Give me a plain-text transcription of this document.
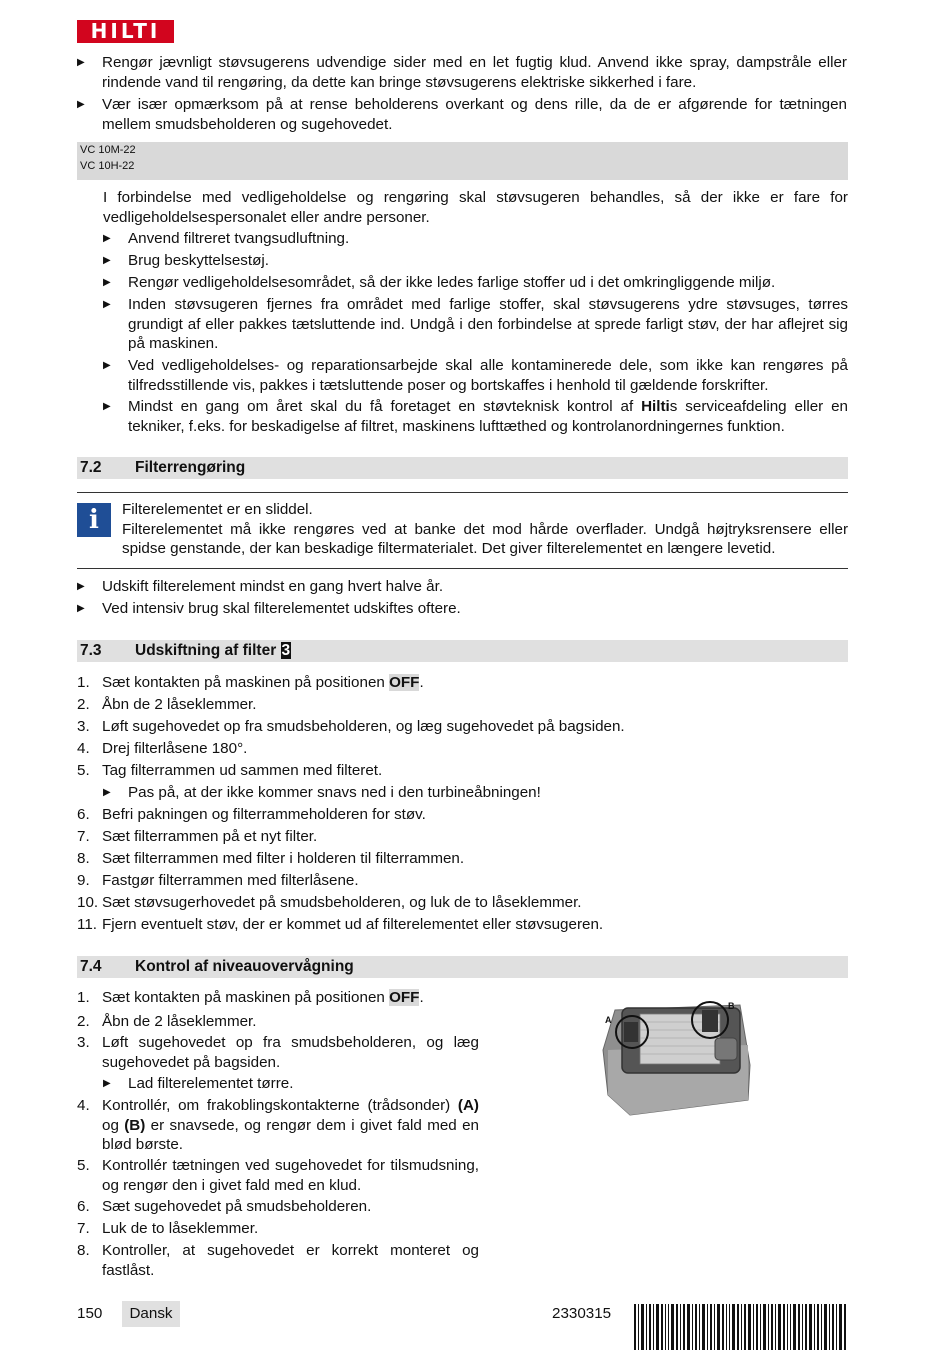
HILTI
▶ Rengør jævnligt støvsugerens udvendige sider med en let fugtig klud. Anvend ikke spray, dampstråle eller rindende vand til rengøring, da dette kan bringe støvsugerens elektriske sikkerhed i fare.
▶ Vær især opmærksom på at rense beholderens overkant og dens rille, da de er afgørende for tætningen mellem smudsbeholderen og sugehovedet.
VC 10M-22
VC 10H-22
I forbindelse med vedligeholdelse og rengøring skal støvsugeren behandles, så der ikke er fare for vedligeholdelsespersonalet eller andre personer.
▶ Anvend filtreret tvangsudluftning.
▶ Brug beskyttelsestøj.
▶ Rengør vedligeholdelsesområdet, så der ikke ledes farlige stoffer ud i det omkringliggende miljø.
▶ Inden støvsugeren fjernes fra området med farlige stoffer, skal støvsugerens ydre støvsuges, tørres grundigt af eller pakkes tætsluttende ind. Undgå i den forbindelse at sprede farligt støv, der har aflejret sig på maskinen.
▶ Ved vedligeholdelses- og reparationsarbejde skal alle kontaminerede dele, som ikke kan rengøres på tilfredsstillende vis, pakkes i tætsluttende poser og bortskaffes i henhold til gældende forskrifter.
▶ Mindst en gang om året skal du få foretaget en støvteknisk kontrol af Hiltis serviceafdeling eller en tekniker, f.eks. for beskadigelse af filtret, maskinens lufttæthed og kontrolanordningernes funktion.
7.2 Filterrengøring
i	Filterelementet er en sliddel.
Filterelementet må ikke rengøres ved at banke det mod hårde overflader. Undgå højtryksrensere eller spidse genstande, der kan beskadige filtermaterialet. Det giver filterelementet en længere levetid.
▶ Udskift filterelement mindst en gang hvert halve år.
▶ Ved intensiv brug skal filterelementet udskiftes oftere.
7.3 Udskiftning af filter 3
1. Sæt kontakten på maskinen på positionen OFF.
2. Åbn de 2 låseklemmer.
3. Løft sugehovedet op fra smudsbeholderen, og læg sugehovedet på bagsiden.
4. Drej filterlåsene 180°.
5. Tag filterrammen ud sammen med filteret.
▶ Pas på, at der ikke kommer snavs ned i den turbineåbningen!
6. Befri pakningen og filterrammeholderen for støv.
7. Sæt filterrammen på et nyt filter.
8. Sæt filterrammen med filter i holderen til filterrammen.
9. Fastgør filterrammen med filterlåsene.
10. Sæt støvsugerhovedet på smudsbeholderen, og luk de to låseklemmer.
11. Fjern eventuelt støv, der er kommet ud af filterelementet eller støvsugeren.
7.4 Kontrol af niveauovervågning
1. Sæt kontakten på maskinen på positionen OFF.
2. Åbn de 2 låseklemmer.
3. Løft sugehovedet op fra smudsbeholderen, og læg sugehovedet på bagsiden.
▶ Lad filterelementet tørre.
4. Kontrollér, om frakoblingskontakterne (trådsonder) (A) og (B) er snavsede, og rengør dem i givet fald med en blød børste.
5. Kontrollér tætningen ved sugehovedet for tilsmudsning, og rengør den i givet fald med en klud.
6. Sæt sugehovedet på smudsbeholderen.
7. Luk de to låseklemmer.
8. Kontroller, at sugehovedet er korrekt monteret og fastlåst.
A
B
150	Dansk	2330315
